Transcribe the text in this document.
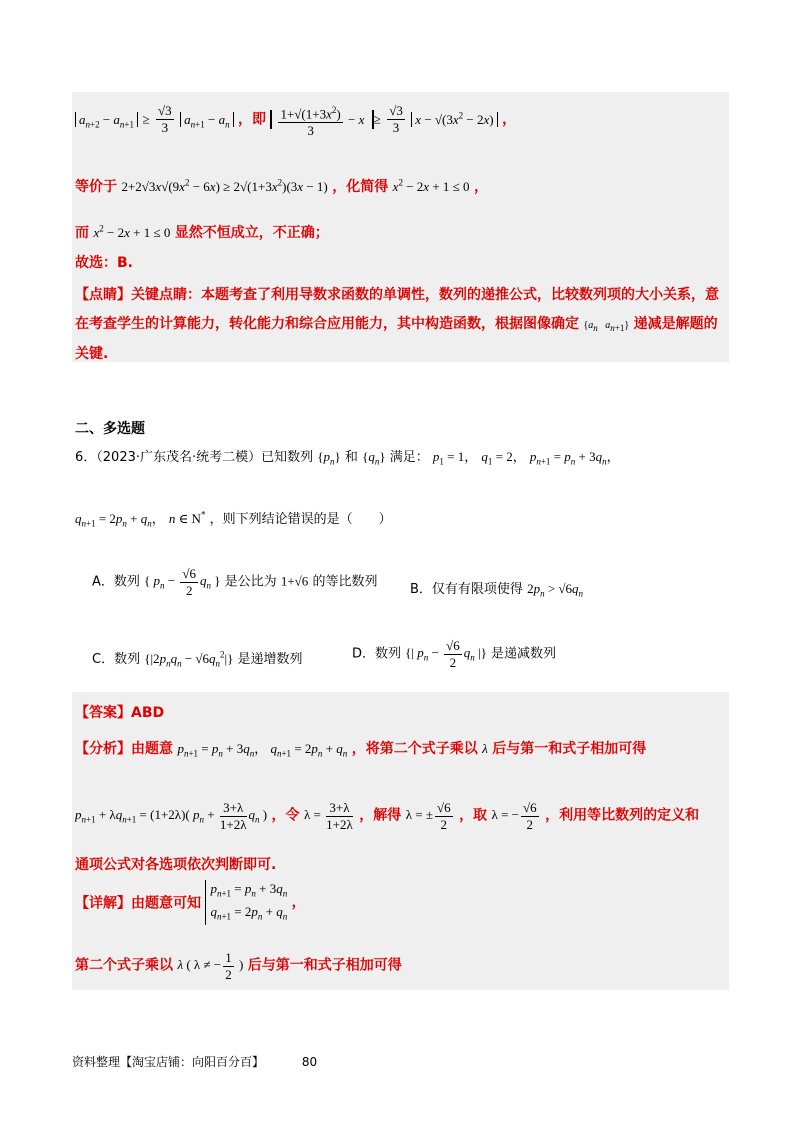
$a_{n+2} - a_{n+1} \ge \frac{√3}{3} a_{n+1} - a_n$ ，即 $\frac{1+√(1+3x^2)}{3} - x \ge \frac{√3}{3}$ $x - √(3x^2 - 2x)$ ，
等价于 $2+2√3x√(9x^2 - 6x) \ge 2√(1+3x^2)(3x - 1)$ ，化简得 $x^2 - 2x + 1 \le 0$ ，
而 $x^2 - 2x + 1 \le 0$ 显然不恒成立，不正确；
故选：B.
【点睛】关键点睛：本题考查了利用导数求函数的单调性，数列的递推公式，比较数列项的大小关系，意
在考查学生的计算能力，转化能力和综合应用能力，其中构造函数，根据图像确定 {$a_n$ $a_{n+1}$} 递减是解题的
关键.
二、多选题
6．（2023·广东茂名·统考二模）已知数列 $\{p_n\}$ 和 $\{q_n\}$ 满足： $p_1 = 1$， $q_1 = 2$， $p_{n+1} = p_n + 3q_n$，
$q_{n+1} = 2p_n + q_n$， n ∈ N* ，则下列结论错误的是（　　）
A．数列 { $p_n - \frac{√6}{2} q_n$ } 是公比为 1+√6 的等比数列
B．仅有有限项使得 $2p_n > √6q_n$
C．数列 $\{|2p_nq_n - √6q_n^2|\}$ 是递增数列	D．数列 {| $p_n - \frac{√6}{2} q_n$ |} 是递减数列
【答案】ABD
【分析】由题意 $p_{n+1} = p_n + 3q_n$， $q_{n+1} = 2p_n + q_n$ ，将第二个式子乘以 λ 后与第一和式子相加可得
$p_{n+1} + \lambda q_{n+1} = (1+2\lambda)$( $p_n + \frac{3+\lambda}{1+2\lambda} q_n$ ) ，令 $\lambda = \frac{3+\lambda}{1+2\lambda}$ ，解得 λ = ± $\frac{√6}{2}$ ，取 λ = − $\frac{√6}{2}$ ，利用等比数列的定义和
通项公式对各选项依次判断即可.
【详解】由题意可知 $p_{n+1} = p_n + 3q_n$
$q_{n+1} = 2p_n + q_n$ ，
第二个式子乘以 λ ( λ ≠ − $\frac{1}{2}$ ) 后与第一和式子相加可得
资料整理【淘宝店铺：向阳百分百】	80
